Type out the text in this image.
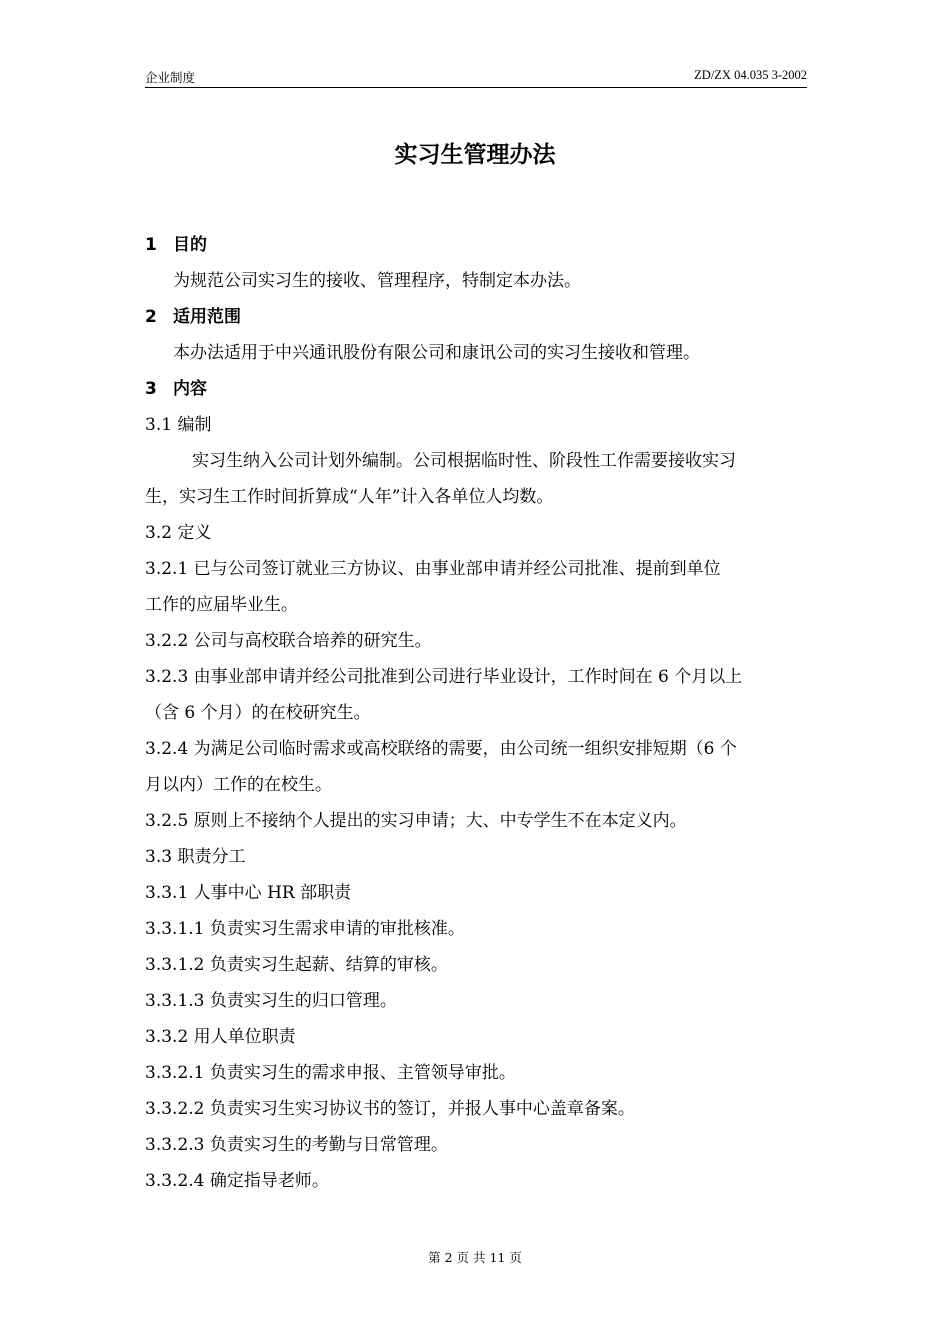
企业制度	ZD/ZX 04.035 3-2002
实习生管理办法
1 目的
为规范公司实习生的接收、管理程序，特制定本办法。
2 适用范围
本办法适用于中兴通讯股份有限公司和康讯公司的实习生接收和管理。
3 内容
3.1 编制
实习生纳入公司计划外编制。公司根据临时性、阶段性工作需要接收实习
生，实习生工作时间折算成“人年”计入各单位人均数。
3.2 定义
3.2.1 已与公司签订就业三方协议、由事业部申请并经公司批准、提前到单位
工作的应届毕业生。
3.2.2 公司与高校联合培养的研究生。
3.2.3 由事业部申请并经公司批准到公司进行毕业设计，工作时间在 6 个月以上
（含 6 个月）的在校研究生。
3.2.4 为满足公司临时需求或高校联络的需要，由公司统一组织安排短期（6 个
月以内）工作的在校生。
3.2.5 原则上不接纳个人提出的实习申请；大、中专学生不在本定义内。
3.3 职责分工
3.3.1 人事中心 HR 部职责
3.3.1.1 负责实习生需求申请的审批核准。
3.3.1.2 负责实习生起薪、结算的审核。
3.3.1.3 负责实习生的归口管理。
3.3.2 用人单位职责
3.3.2.1 负责实习生的需求申报、主管领导审批。
3.3.2.2 负责实习生实习协议书的签订，并报人事中心盖章备案。
3.3.2.3 负责实习生的考勤与日常管理。
3.3.2.4 确定指导老师。
第 2 页 共 11 页
